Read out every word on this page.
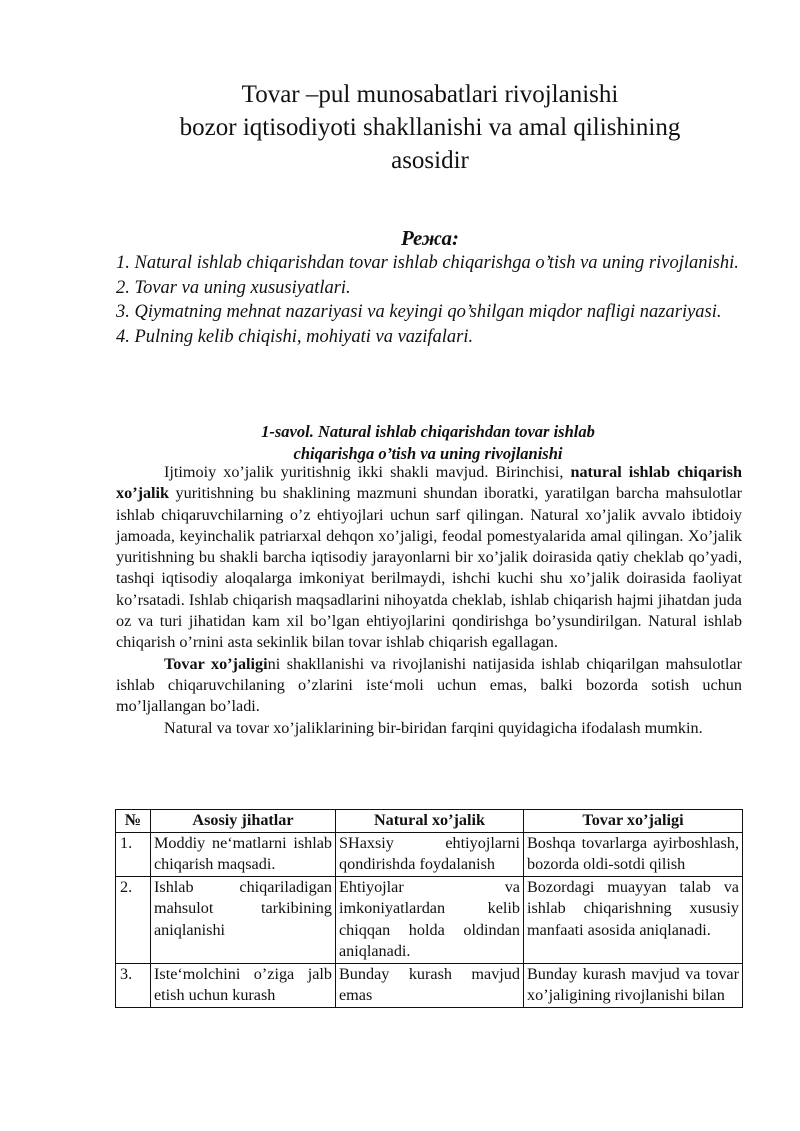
Tovar –pul munosabatlari rivojlanishi
bozor iqtisodiyoti shakllanishi va amal qilishining
asosidir
Режа:

1. Natural ishlab chiqarishdan tovar ishlab chiqarishga o’tish va uning rivojlanishi.

2. Tovar va uning xususiyatlari.

3. Qiymatning mehnat nazariyasi va keyingi qo’shilgan miqdor nafligi nazariyasi.

4. Pulning kelib chiqishi, mohiyati va vazifalari.

1-savol. Natural ishlab chiqarishdan tovar ishlab
chiqarishga o’tish va uning rivojlanishi

Ijtimoiy xo’jalik yuritishnig ikki shakli mavjud. Birinchisi, natural ishlab chiqarish xo’jalik yuritishning bu shaklining mazmuni shundan iboratki, yaratilgan barcha mahsulotlar ishlab chiqaruvchilarning o’z ehtiyojlari uchun sarf qilingan. Natural xo’jalik avvalo ibtidoiy jamoada, keyinchalik patriarxal dehqon xo’jaligi, feodal pomestyalarida amal qilingan. Xo’jalik yuritishning bu shakli barcha iqtisodiy jarayonlarni bir xo’jalik doirasida qatiy cheklab qo’yadi, tashqi iqtisodiy aloqalarga imkoniyat berilmaydi, ishchi kuchi shu xo’jalik doirasida faoliyat ko’rsatadi. Ishlab chiqarish maqsadlarini nihoyatda cheklab, ishlab chiqarish hajmi jihatdan juda oz va turi jihatidan kam xil bo’lgan ehtiyojlarini qondirishga bo’ysundirilgan. Natural ishlab chiqarish o’rnini asta sekinlik bilan tovar ishlab chiqarish egallagan.

Tovar xo’jaligini shakllanishi va rivojlanishi natijasida ishlab chiqarilgan mahsulotlar ishlab chiqaruvchilaning o’zlarini iste‘moli uchun emas, balki bozorda sotish uchun mo’ljallangan bo’ladi.

Natural va tovar xo’jaliklarining bir-biridan farqini quyidagicha ifodalash mumkin.

№	Asosiy jihatlar	Natural xo’jalik	Tovar xo’jaligi
1.	Moddiy ne‘matlarni ishlab chiqarish maqsadi.	SHaxsiy ehtiyojlarni qondirishda foydalanish	Boshqa tovarlarga ayirboshlash, bozorda oldi-sotdi qilish
2.	Ishlab chiqariladigan mahsulot tarkibining aniqlanishi	Ehtiyojlar va imkoniyatlardan kelib chiqqan holda oldindan aniqlanadi.	Bozordagi muayyan talab va ishlab chiqarishning xususiy manfaati asosida aniqlanadi.
3.	Iste‘molchini o’ziga jalb etish uchun kurash	Bunday kurash mavjud emas	Bunday kurash mavjud va tovar xo’jaligining rivojlanishi bilan
